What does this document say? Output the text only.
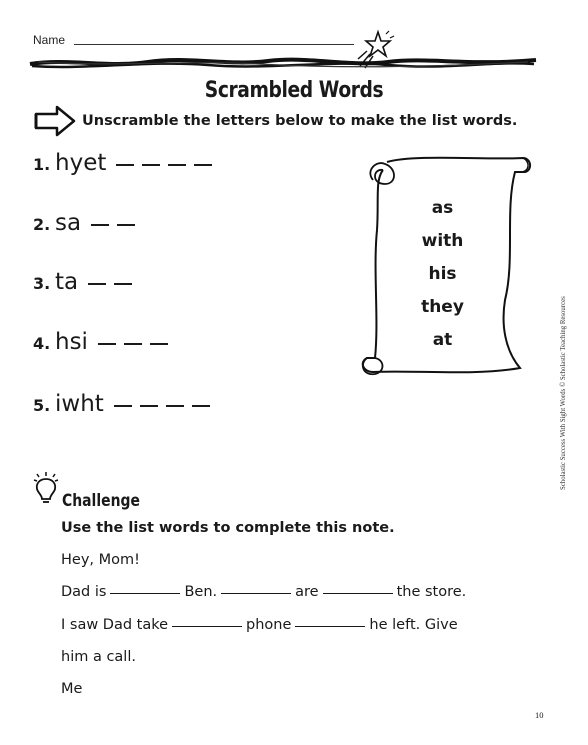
Name
Scrambled Words
Unscramble the letters below to make the list words.
1. hyet
2. sa
3. ta
4. hsi
5. iwht
as
with
his
they
at	Scholastic Success With Sight Words © Scholastic Teaching Resources
Challenge
Use the list words to complete this note.
Hey, Mom!
Dad is	Ben.	are	the store.
I saw Dad take	phone	he left. Give
him a call.
Me
10
